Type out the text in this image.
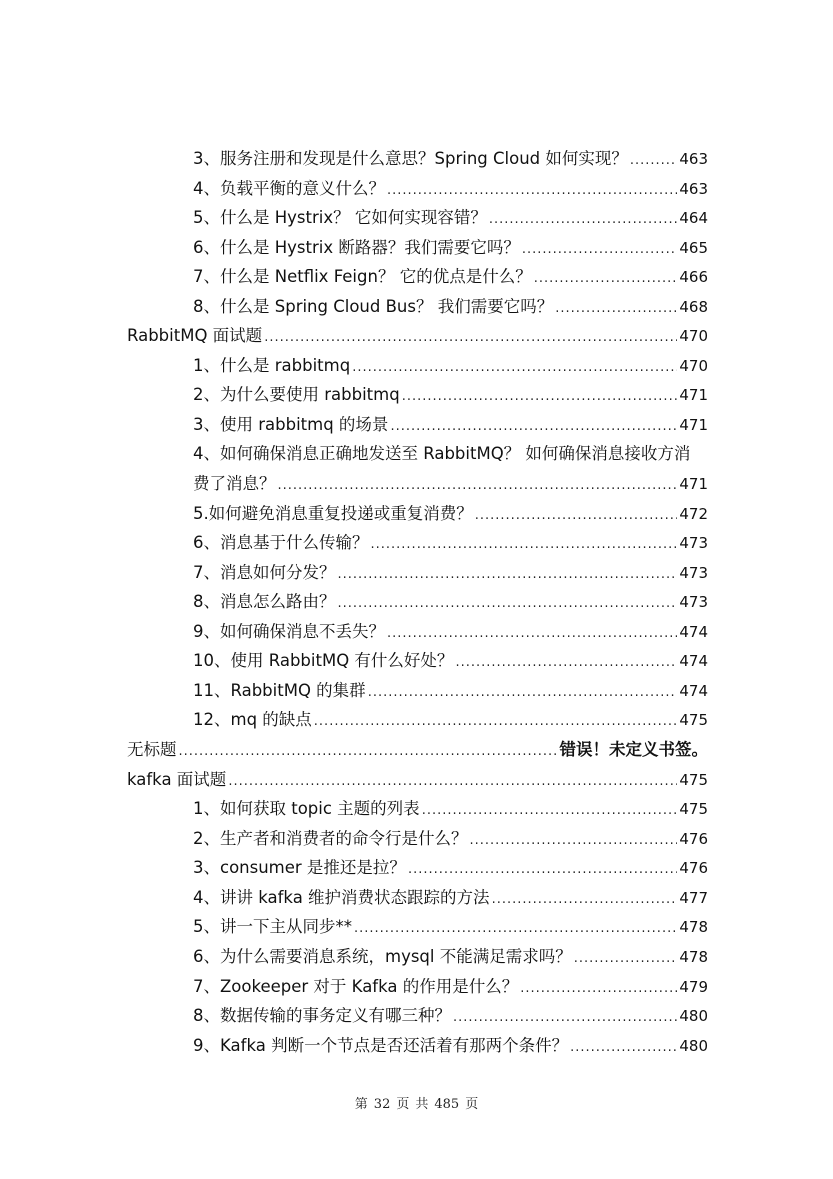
3、服务注册和发现是什么意思？Spring Cloud 如何实现？ .....	463
4、负载平衡的意义什么？ .....	463
5、什么是 Hystrix？ 它如何实现容错？ .....	464
6、什么是 Hystrix 断路器？我们需要它吗？ .....	465
7、什么是 Netflix Feign？ 它的优点是什么？ .....	466
8、什么是 Spring Cloud Bus？ 我们需要它吗？ .....	468
RabbitMQ 面试题 .....	470
1、什么是 rabbitmq .....	470
2、为什么要使用 rabbitmq .....	471
3、使用 rabbitmq 的场景 .....	471
4、如何确保消息正确地发送至 RabbitMQ？ 如何确保消息接收方消
费了消息？ .....	471
5.如何避免消息重复投递或重复消费？ .....	472
6、消息基于什么传输？ .....	473
7、消息如何分发？ .....	473
8、消息怎么路由？ .....	473
9、如何确保消息不丢失？ .....	474
10、使用 RabbitMQ 有什么好处？ .....	474
11、RabbitMQ 的集群 .....	474
12、mq 的缺点 .....	475
无标题 .....	错误！未定义书签。
kafka 面试题 .....	475
1、如何获取 topic 主题的列表 .....	475
2、生产者和消费者的命令行是什么？ .....	476
3、consumer 是推还是拉？ .....	476
4、讲讲 kafka 维护消费状态跟踪的方法 .....	477
5、讲一下主从同步** .....	478
6、为什么需要消息系统，mysql 不能满足需求吗？ .....	478
7、Zookeeper 对于 Kafka 的作用是什么？ .....	479
8、数据传输的事务定义有哪三种？ .....	480
9、Kafka 判断一个节点是否还活着有那两个条件？ .....	480
第 32 页 共 485 页
